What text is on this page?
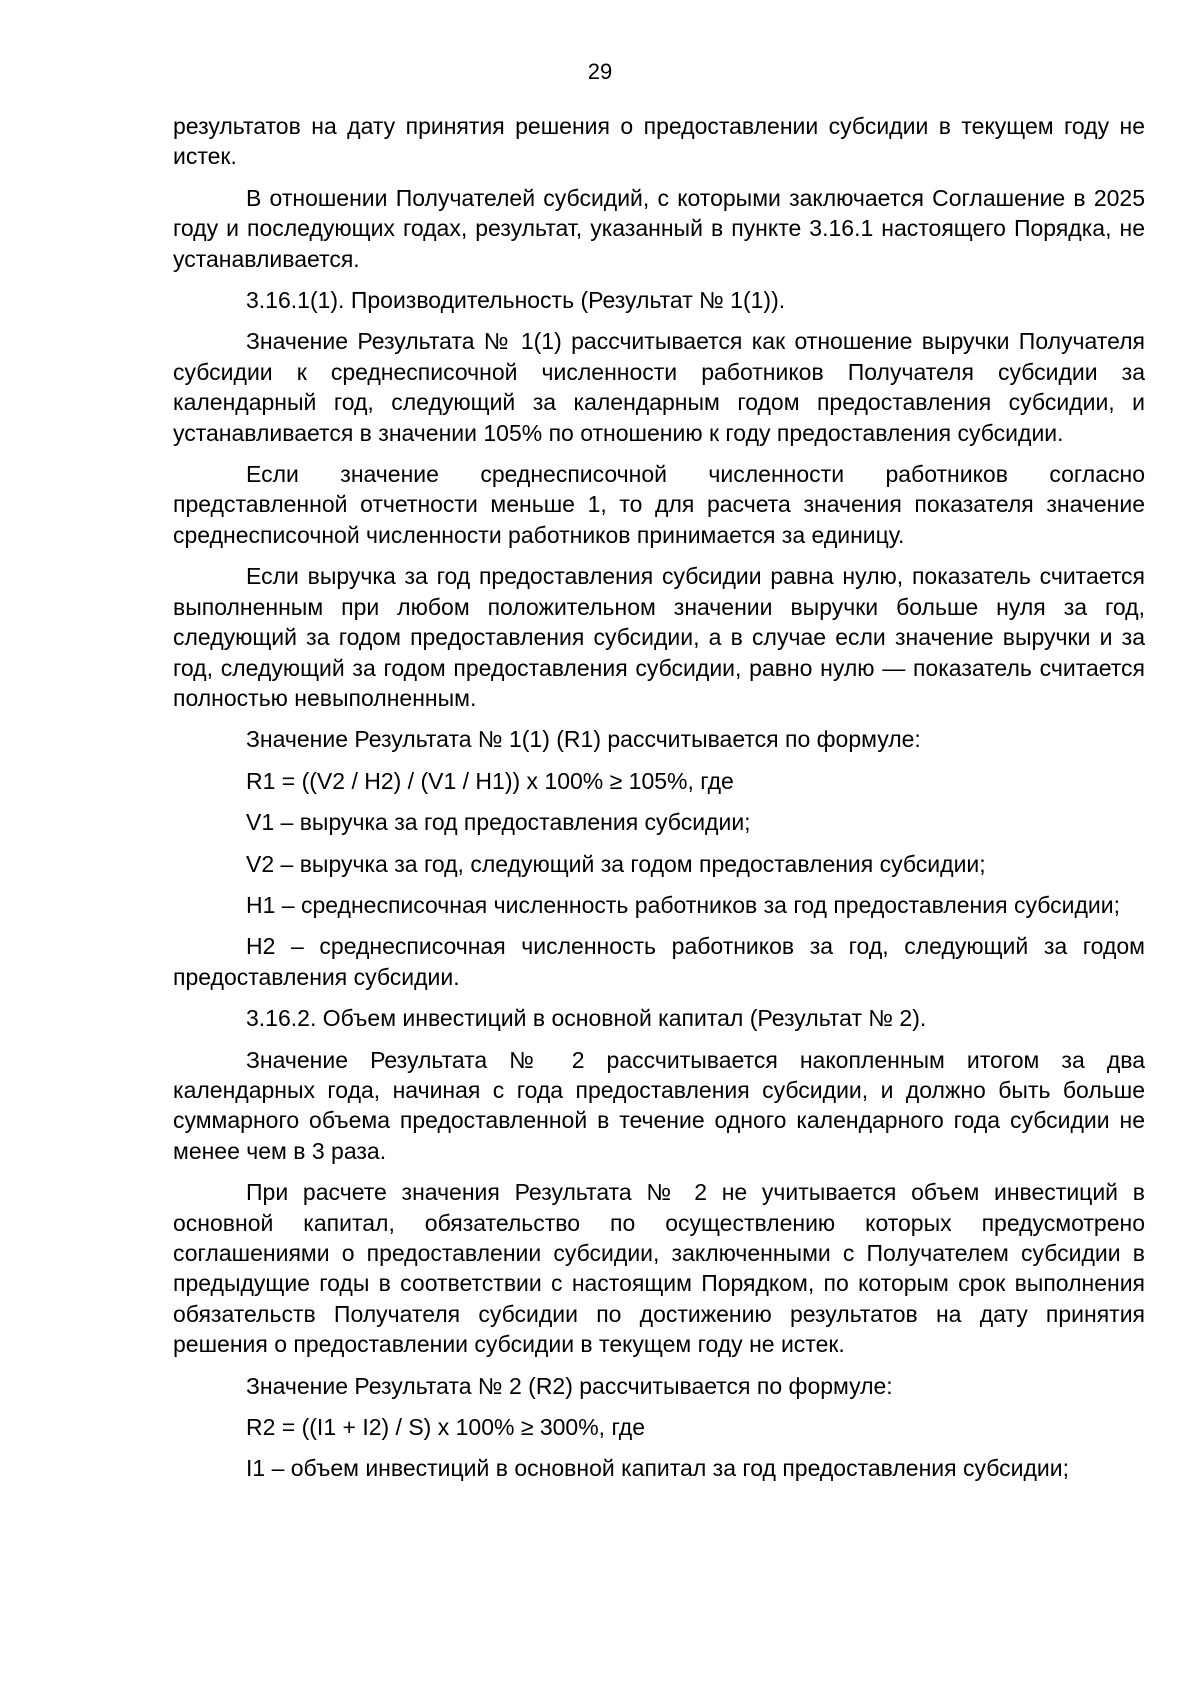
29

результатов на дату принятия решения о предоставлении субсидии в текущем году не истек.

В отношении Получателей субсидий, с которыми заключается Соглашение в 2025 году и последующих годах, результат, указанный в пункте 3.16.1 настоящего Порядка, не устанавливается.

3.16.1(1). Производительность (Результат № 1(1)).

Значение Результата № 1(1) рассчитывается как отношение выручки Получателя субсидии к среднесписочной численности работников Получателя субсидии за календарный год, следующий за календарным годом предоставления субсидии, и устанавливается в значении 105% по отношению к году предоставления субсидии.

Если значение среднесписочной численности работников согласно представленной отчетности меньше 1, то для расчета значения показателя значение среднесписочной численности работников принимается за единицу.

Если выручка за год предоставления субсидии равна нулю, показатель считается выполненным при любом положительном значении выручки больше нуля за год, следующий за годом предоставления субсидии, а в случае если значение выручки и за год, следующий за годом предоставления субсидии, равно нулю — показатель считается полностью невыполненным.

Значение Результата № 1(1) (R1) рассчитывается по формуле:

R1 = ((V2 / H2) / (V1 / H1)) x 100% ≥ 105%, где

V1 – выручка за год предоставления субсидии;

V2 – выручка за год, следующий за годом предоставления субсидии;

H1 – среднесписочная численность работников за год предоставления субсидии;

H2 – среднесписочная численность работников за год, следующий за годом предоставления субсидии.

3.16.2. Объем инвестиций в основной капитал (Результат № 2).

Значение Результата № 2 рассчитывается накопленным итогом за два календарных года, начиная с года предоставления субсидии, и должно быть больше суммарного объема предоставленной в течение одного календарного года субсидии не менее чем в 3 раза.

При расчете значения Результата № 2 не учитывается объем инвестиций в основной капитал, обязательство по осуществлению которых предусмотрено соглашениями о предоставлении субсидии, заключенными с Получателем субсидии в предыдущие годы в соответствии с настоящим Порядком, по которым срок выполнения обязательств Получателя субсидии по достижению результатов на дату принятия решения о предоставлении субсидии в текущем году не истек.

Значение Результата № 2 (R2) рассчитывается по формуле:

R2 = ((I1 + I2) / S) x 100% ≥ 300%, где

I1 – объем инвестиций в основной капитал за год предоставления субсидии;
